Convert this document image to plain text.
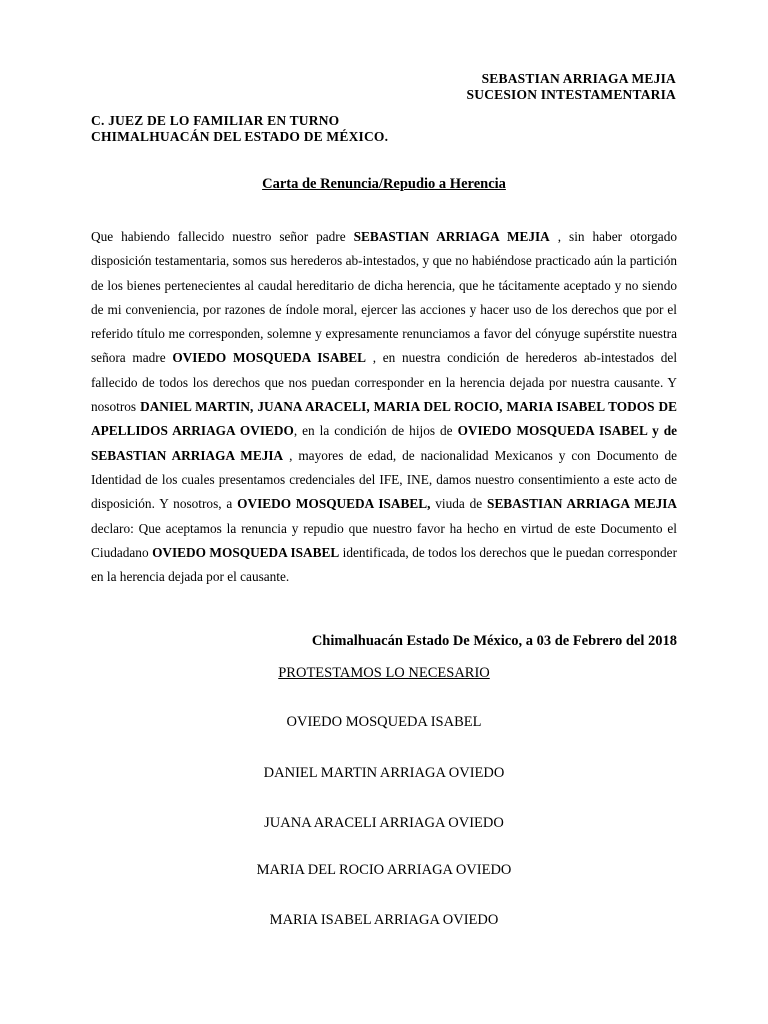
SEBASTIAN ARRIAGA MEJIA
SUCESION INTESTAMENTARIA
C. JUEZ DE LO FAMILIAR EN TURNO
CHIMALHUACÁN DEL ESTADO DE MÉXICO.
Carta de Renuncia/Repudio a Herencia
Que habiendo fallecido nuestro señor padre SEBASTIAN ARRIAGA MEJIA , sin haber otorgado disposición testamentaria, somos sus herederos ab-intestados, y que no habiéndose practicado aún la partición de los bienes pertenecientes al caudal hereditario de dicha herencia, que he tácitamente aceptado y no siendo de mi conveniencia, por razones de índole moral, ejercer las acciones y hacer uso de los derechos que por el referido título me corresponden, solemne y expresamente renunciamos a favor del cónyuge supérstite nuestra señora madre OVIEDO MOSQUEDA ISABEL , en nuestra condición de herederos ab-intestados del fallecido de todos los derechos que nos puedan corresponder en la herencia dejada por nuestra causante. Y nosotros DANIEL MARTIN, JUANA ARACELI, MARIA DEL ROCIO, MARIA ISABEL TODOS DE APELLIDOS ARRIAGA OVIEDO, en la condición de hijos de OVIEDO MOSQUEDA ISABEL y de SEBASTIAN ARRIAGA MEJIA , mayores de edad, de nacionalidad Mexicanos y con Documento de Identidad de los cuales presentamos credenciales del IFE, INE, damos nuestro consentimiento a este acto de disposición. Y nosotros, a OVIEDO MOSQUEDA ISABEL, viuda de SEBASTIAN ARRIAGA MEJIA declaro: Que aceptamos la renuncia y repudio que nuestro favor ha hecho en virtud de este Documento el Ciudadano OVIEDO MOSQUEDA ISABEL identificada, de todos los derechos que le puedan corresponder en la herencia dejada por el causante.
Chimalhuacán Estado De México, a 03 de Febrero del 2018
PROTESTAMOS LO NECESARIO
OVIEDO MOSQUEDA ISABEL
DANIEL MARTIN ARRIAGA OVIEDO
JUANA ARACELI ARRIAGA OVIEDO
MARIA DEL ROCIO ARRIAGA OVIEDO
MARIA ISABEL ARRIAGA OVIEDO
